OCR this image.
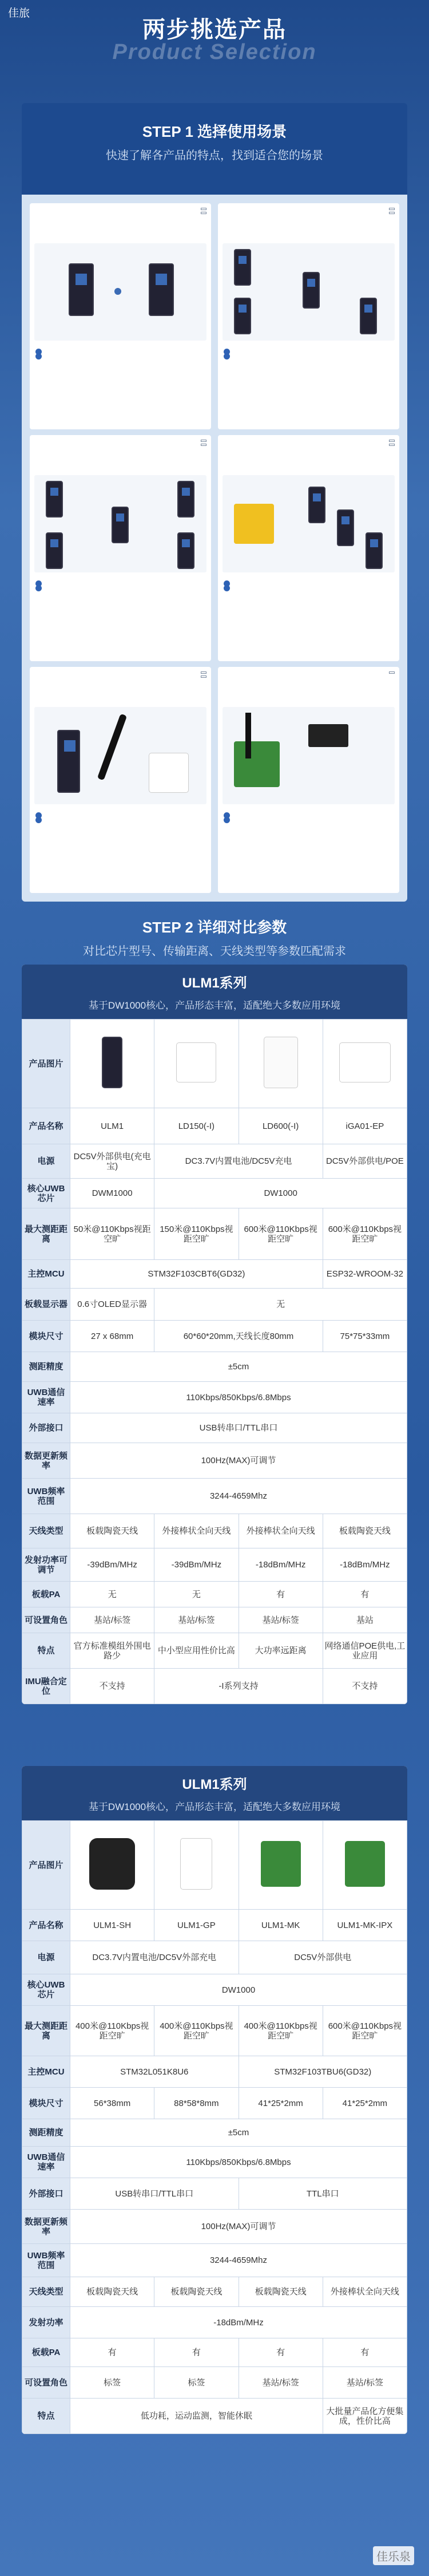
佳旅
两步挑选产品
Product Selection
STEP 1 选择使用场景
快速了解各产品的特点，找到适合您的场景
STEP 2 详细对比参数
对比芯片型号、传输距离、天线类型等参数匹配需求
ULM1系列
基于DW1000核心，产品形态丰富，适配绝大多数应用环境
产品图片				
产品名称	ULM1	LD150(-I)	LD600(-I)	iGA01-EP
电源	DC5V外部供电(充电宝)	DC3.7V内置电池/DC5V充电		DC5V外部供电/POE
核心UWB芯片	DWM1000	DW1000		
最大测距距离	50米@110Kbps视距空旷	150米@110Kbps视距空旷	600米@110Kbps视距空旷	600米@110Kbps视距空旷
主控MCU	STM32F103CBT6(GD32)			ESP32-WROOM-32
板载显示器	0.6寸OLED显示器	无		
模块尺寸	27 x 68mm	60*60*20mm,天线长度80mm		75*75*33mm
测距精度	±5cm			
UWB通信速率	110Kbps/850Kbps/6.8Mbps			
外部接口	USB转串口/TTL串口			
数据更新频率	100Hz(MAX)可调节			
UWB频率范围	3244-4659Mhz			
天线类型	板载陶瓷天线	外接棒状全向天线	外接棒状全向天线	板载陶瓷天线
发射功率可调节	-39dBm/MHz	-39dBm/MHz	-18dBm/MHz	-18dBm/MHz
板载PA	无	无	有	有
可设置角色	基站/标签	基站/标签	基站/标签	基站
特点	官方标准模组外围电路少	中小型应用性价比高	大功率远距离	网络通信POE供电,工业应用
IMU融合定位	不支持	-I系列支持		不支持
ULM1系列
基于DW1000核心，产品形态丰富，适配绝大多数应用环境
产品图片				
产品名称	ULM1-SH	ULM1-GP	ULM1-MK	ULM1-MK-IPX
电源	DC3.7V内置电池/DC5V外部充电		DC5V外部供电	
核心UWB芯片	DW1000			
最大测距距离	400米@110Kbps视距空旷	400米@110Kbps视距空旷	400米@110Kbps视距空旷	600米@110Kbps视距空旷
主控MCU	STM32L051K8U6		STM32F103TBU6(GD32)	
模块尺寸	56*38mm	88*58*8mm	41*25*2mm	41*25*2mm
测距精度	±5cm			
UWB通信速率	110Kbps/850Kbps/6.8Mbps			
外部接口	USB转串口/TTL串口		TTL串口	
数据更新频率	100Hz(MAX)可调节			
UWB频率范围	3244-4659Mhz			
天线类型	板载陶瓷天线	板载陶瓷天线	板载陶瓷天线	外接棒状全向天线
发射功率	-18dBm/MHz			
板载PA	有	有	有	有
可设置角色	标签	标签	基站/标签	基站/标签
特点	低功耗，运动监测，智能休眠			大批量产品化方便集成，性价比高
佳乐泉
